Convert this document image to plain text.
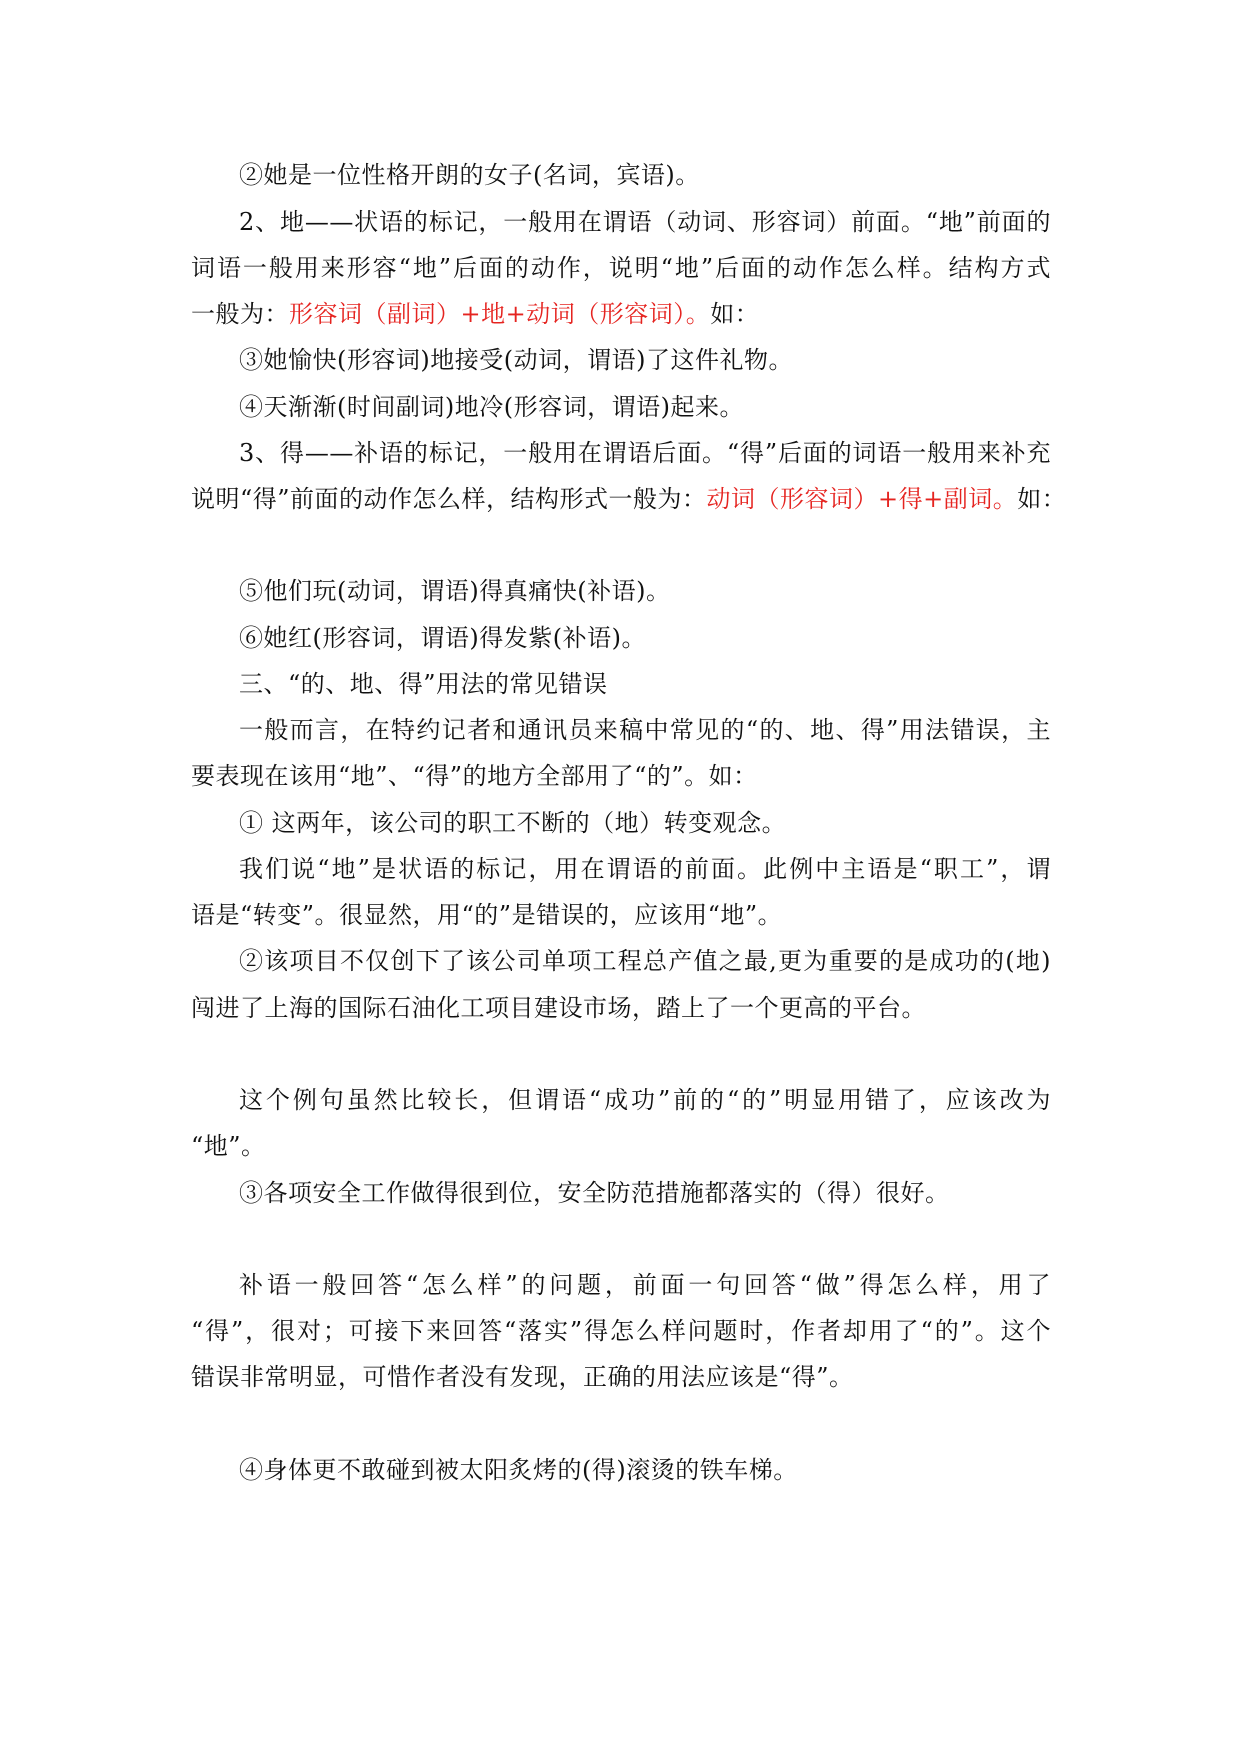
②她是一位性格开朗的女子(名词，宾语)。
2、地——状语的标记，一般用在谓语（动词、形容词）前面。“地”前面的
词语一般用来形容“地”后面的动作，说明“地”后面的动作怎么样。结构方式
一般为：形容词（副词）+地+动词（形容词）。如：
③她愉快(形容词)地接受(动词，谓语)了这件礼物。
④天渐渐(时间副词)地冷(形容词，谓语)起来。
3、得——补语的标记，一般用在谓语后面。“得”后面的词语一般用来补充
说明“得”前面的动作怎么样，结构形式一般为：动词（形容词）+得+副词。如：
⑤他们玩(动词，谓语)得真痛快(补语)。
⑥她红(形容词，谓语)得发紫(补语)。
三、“的、地、得”用法的常见错误
一般而言，在特约记者和通讯员来稿中常见的“的、地、得”用法错误，主
要表现在该用“地”、“得”的地方全部用了“的”。如：
① 这两年，该公司的职工不断的（地）转变观念。
我们说“地”是状语的标记，用在谓语的前面。此例中主语是“职工”，谓
语是“转变”。很显然，用“的”是错误的，应该用“地”。
②该项目不仅创下了该公司单项工程总产值之最,更为重要的是成功的(地)
闯进了上海的国际石油化工项目建设市场，踏上了一个更高的平台。
这个例句虽然比较长，但谓语“成功”前的“的”明显用错了，应该改为
“地”。
③各项安全工作做得很到位，安全防范措施都落实的（得）很好。
补语一般回答“怎么样”的问题，前面一句回答“做”得怎么样，用了
“得”，很对；可接下来回答“落实”得怎么样问题时，作者却用了“的”。这个
错误非常明显，可惜作者没有发现，正确的用法应该是“得”。
④身体更不敢碰到被太阳炙烤的(得)滚烫的铁车梯。
